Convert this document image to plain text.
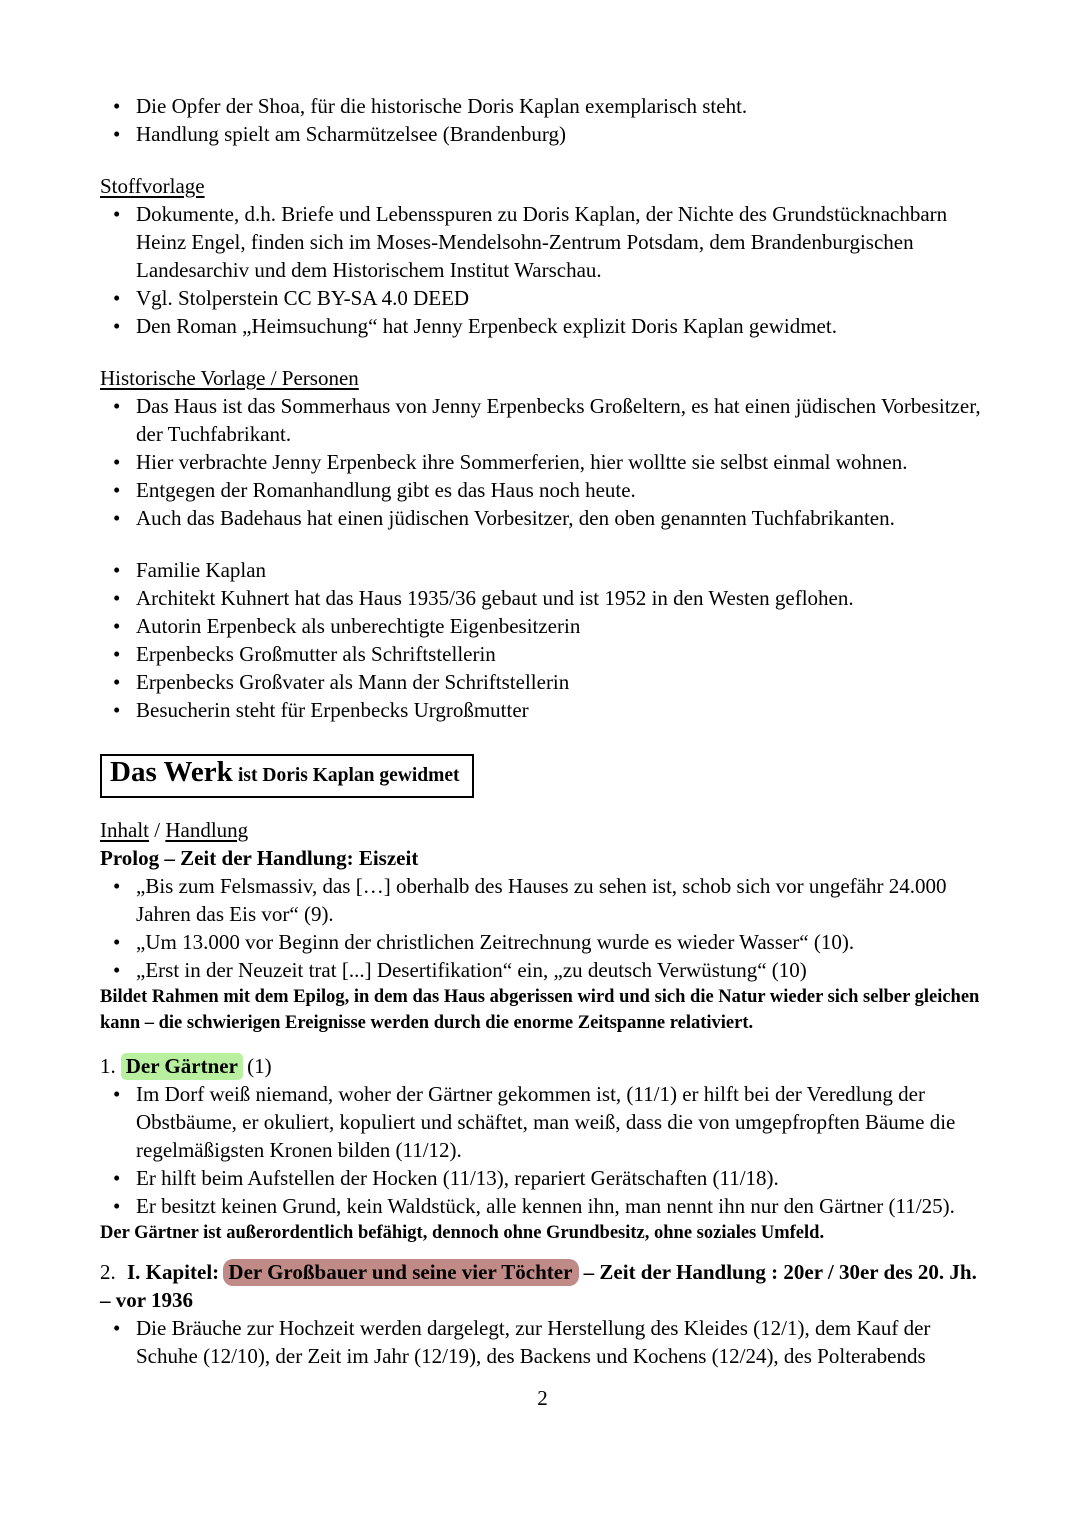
• Die Opfer der Shoa, für die historische Doris Kaplan exemplarisch steht.
• Handlung spielt am Scharmützelsee (Brandenburg)
Stoffvorlage
• Dokumente, d.h. Briefe und Lebensspuren zu Doris Kaplan, der Nichte des Grundstücknachbarn Heinz Engel, finden sich im Moses-Mendelsohn-Zentrum Potsdam, dem Brandenburgischen Landesarchiv und dem Historischem Institut Warschau.
• Vgl. Stolperstein CC BY-SA 4.0 DEED
• Den Roman „Heimsuchung“ hat Jenny Erpenbeck explizit Doris Kaplan gewidmet.
Historische Vorlage / Personen
• Das Haus ist das Sommerhaus von Jenny Erpenbecks Großeltern, es hat einen jüdischen Vorbesitzer, der Tuchfabrikant.
• Hier verbrachte Jenny Erpenbeck ihre Sommerferien, hier wolltte sie selbst einmal wohnen.
• Entgegen der Romanhandlung gibt es das Haus noch heute.
• Auch das Badehaus hat einen jüdischen Vorbesitzer, den oben genannten Tuchfabrikanten.
• Familie Kaplan
• Architekt Kuhnert hat das Haus 1935/36 gebaut und ist 1952 in den Westen geflohen.
• Autorin Erpenbeck als unberechtigte Eigenbesitzerin
• Erpenbecks Großmutter als Schriftstellerin
• Erpenbecks Großvater als Mann der Schriftstellerin
• Besucherin steht für Erpenbecks Urgroßmutter
Das Werk ist Doris Kaplan gewidmet
Inhalt / Handlung
Prolog – Zeit der Handlung: Eiszeit
• „Bis zum Felsmassiv, das […] oberhalb des Hauses zu sehen ist, schob sich vor ungefähr 24.000 Jahren das Eis vor“ (9).
• „Um 13.000 vor Beginn der christlichen Zeitrechnung wurde es wieder Wasser“ (10).
• „Erst in der Neuzeit trat [...] Desertifikation“ ein, „zu deutsch Verwüstung“ (10)
Bildet Rahmen mit dem Epilog, in dem das Haus abgerissen wird und sich die Natur wieder sich selber gleichen kann – die schwierigen Ereignisse werden durch die enorme Zeitspanne relativiert.
1. Der Gärtner (1)
• Im Dorf weiß niemand, woher der Gärtner gekommen ist, (11/1) er hilft bei der Veredlung der Obstbäume, er okuliert, kopuliert und schäftet, man weiß, dass die von umgepfropften Bäume die regelmäßigsten Kronen bilden (11/12).
• Er hilft beim Aufstellen der Hocken (11/13), repariert Gerätschaften (11/18).
• Er besitzt keinen Grund, kein Waldstück, alle kennen ihn, man nennt ihn nur den Gärtner (11/25).
Der Gärtner ist außerordentlich befähigt, dennoch ohne Grundbesitz, ohne soziales Umfeld.
2. I. Kapitel: Der Großbauer und seine vier Töchter – Zeit der Handlung : 20er / 30er des 20. Jh. – vor 1936
• Die Bräuche zur Hochzeit werden dargelegt, zur Herstellung des Kleides (12/1), dem Kauf der Schuhe (12/10), der Zeit im Jahr (12/19), des Backens und Kochens (12/24), des Polterabends
2
